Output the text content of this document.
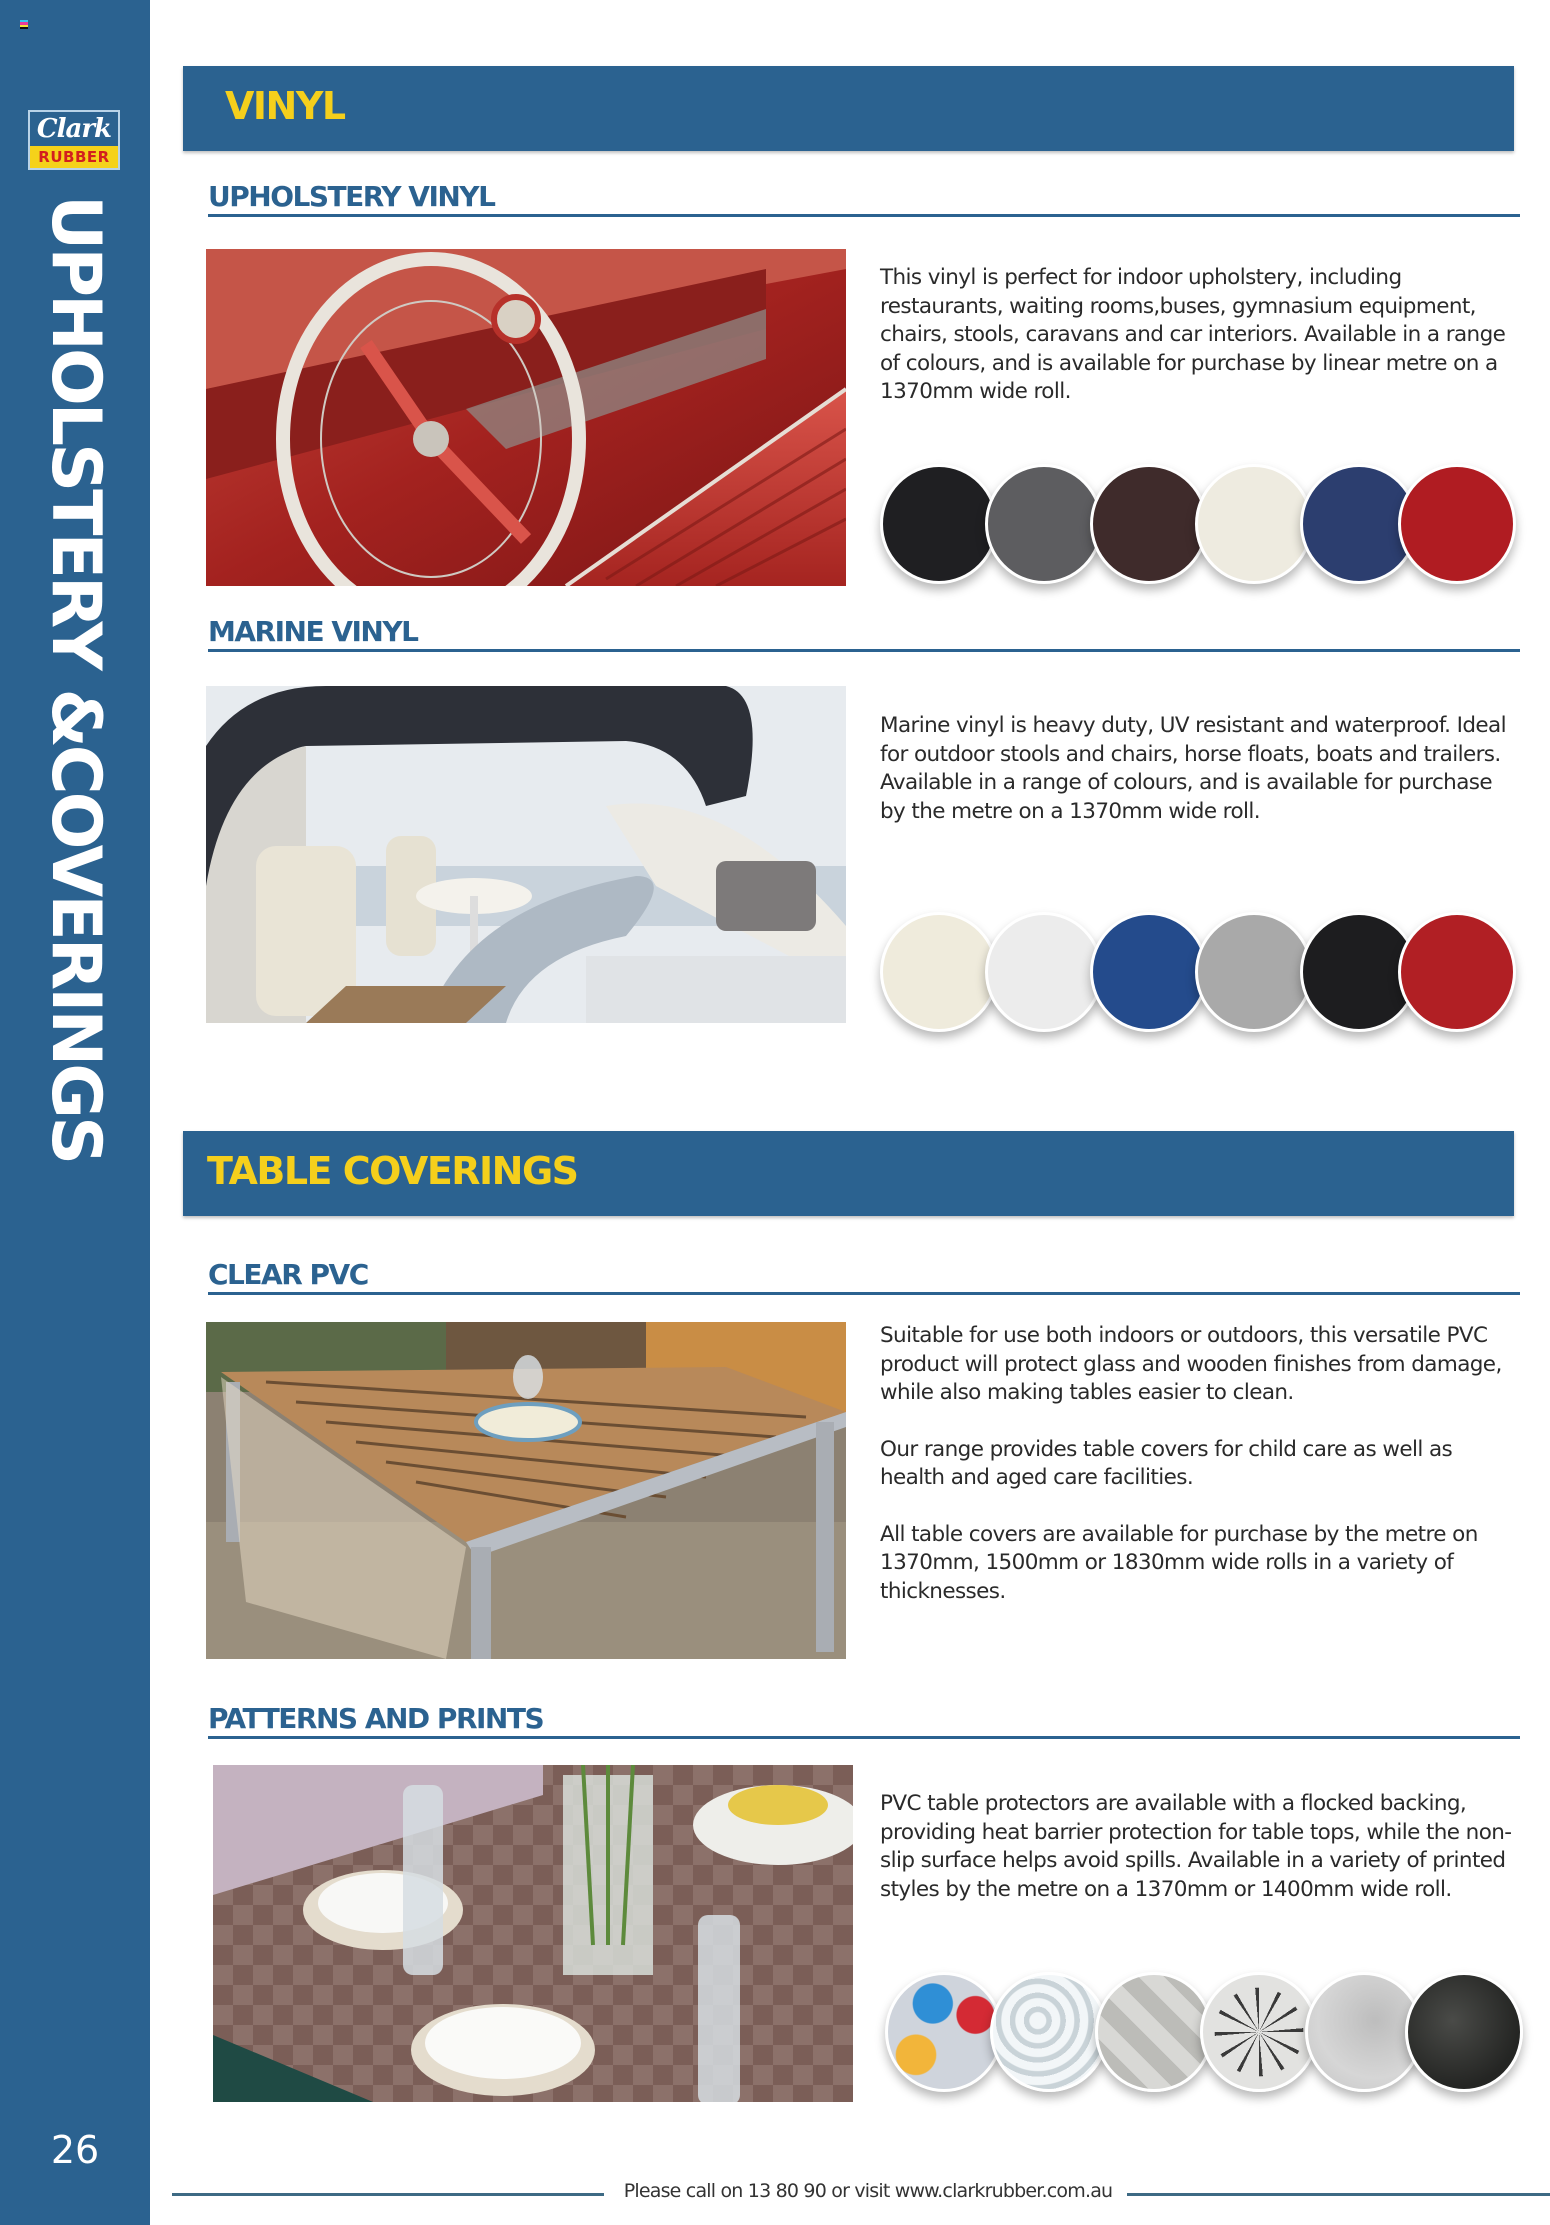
Clark
RUBBER
UPHOLSTERY &COVERINGS
26
VINYL
UPHOLSTERY VINYL

This vinyl is perfect for indoor upholstery, including restaurants, waiting rooms,buses, gymnasium equipment, chairs, stools, caravans and car interiors. Available in a range of colours, and is available for purchase by linear metre on a 1370mm wide roll.

MARINE VINYL

Marine vinyl is heavy duty, UV resistant and waterproof. Ideal for outdoor stools and chairs, horse floats, boats and trailers. Available in a range of colours, and is available for purchase by the metre on a 1370mm wide roll.

TABLE COVERINGS
CLEAR PVC

Suitable for use both indoors or outdoors, this versatile PVC product will protect glass and wooden finishes from damage, while also making tables easier to clean.

Our range provides table covers for child care as well as health and aged care facilities.

All table covers are available for purchase by the metre on 1370mm, 1500mm or 1830mm wide rolls in a variety of thicknesses.

PATTERNS AND PRINTS

PVC table protectors are available with a flocked backing, providing heat barrier protection for table tops, while the non-slip surface helps avoid spills. Available in a variety of printed styles by the metre on a 1370mm or 1400mm wide roll.

Please call on 13 80 90 or visit www.clarkrubber.com.au
